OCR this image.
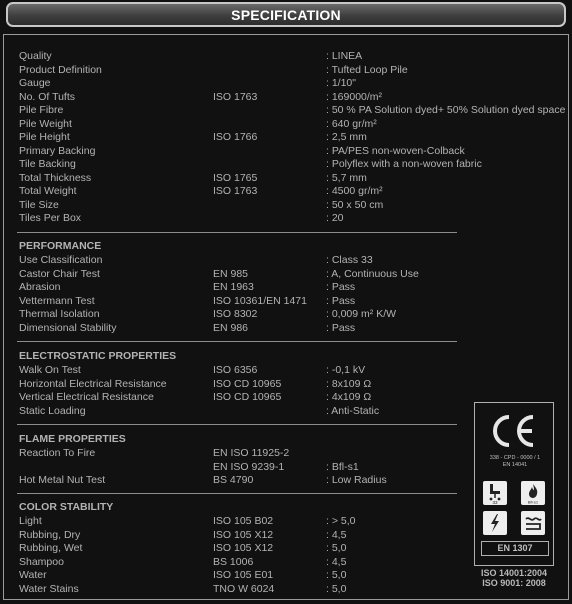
SPECIFICATION
Quality	: LINEA
Product Definition	: Tufted Loop Pile
Gauge	: 1/10"
No. Of Tufts	ISO 1763	: 169000/m²
Pile Fibre	: 50 % PA Solution dyed+ 50% Solution dyed space
Pile Weight	: 640 gr/m²
Pile Height	ISO 1766	: 2,5 mm
Primary Backing	: PA/PES non-woven-Colback
Tile Backing	: Polyflex with a non-woven fabric
Total Thickness	ISO 1765	: 5,7 mm
Total Weight	ISO 1763	: 4500 gr/m²
Tile Size	: 50 x 50 cm
Tiles Per Box	: 20
PERFORMANCE
Use Classification	: Class 33
Castor Chair Test	EN 985	: A, Continuous Use
Abrasion	EN 1963	: Pass
Vettermann Test	ISO 10361/EN 1471 : Pass
Thermal Isolation	ISO 8302	: 0,009 m² K/W
Dimensional Stability	EN 986	: Pass
ELECTROSTATIC PROPERTIES
Walk On Test	ISO 6356	: -0,1 kV
Horizontal Electrical Resistance	ISO CD 10965	: 8x109 Ω
Vertical Electrical Resistance	ISO CD 10965	: 4x109 Ω
Static Loading	: Anti-Static
FLAME PROPERTIES
Reaction To Fire	EN ISO 11925-2
EN ISO 9239-1	: Bfl-s1
Hot Metal Nut Test	BS 4790	: Low Radius
COLOR STABILITY
Light	ISO 105 B02	: > 5,0
Rubbing, Dry	ISO 105 X12	: 4,5
Rubbing, Wet	ISO 105 X12	: 5,0
Shampoo	BS 1006	: 4,5
Water	ISO 105 E01	: 5,0
Water Stains	TNO W 6024	: 5,0
338 - CPD - 0000 / 1
EN 14041
33	Bfl-s1
EN 1307
ISO 14001:2004
ISO 9001: 2008
